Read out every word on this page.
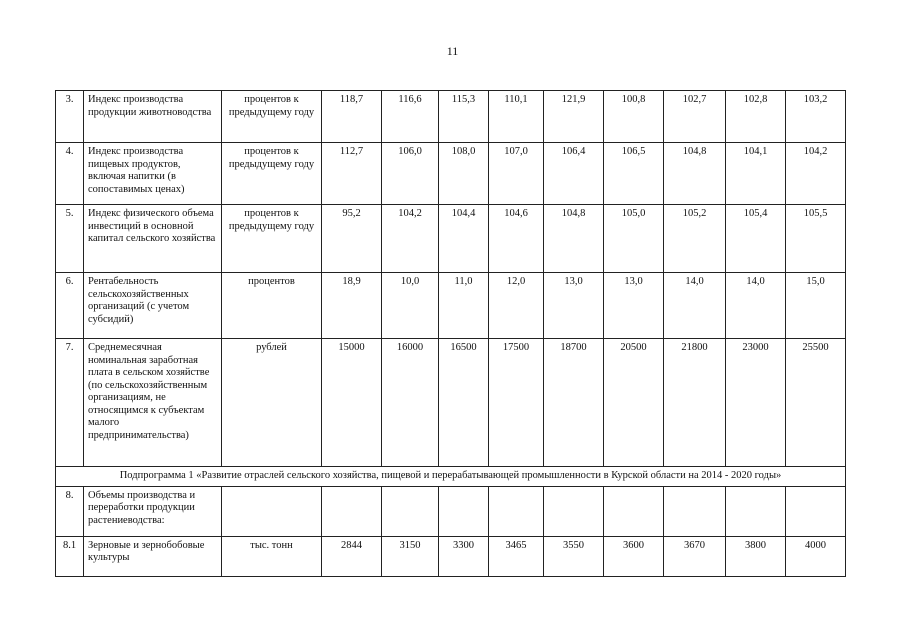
11
3.	Индекс производства продукции животноводства	процентов к предыдущему году	118,7	116,6	115,3	110,1	121,9	100,8	102,7	102,8	103,2
4.	Индекс производства пищевых продуктов, включая напитки (в сопоставимых ценах)	процентов к предыдущему году	112,7	106,0	108,0	107,0	106,4	106,5	104,8	104,1	104,2
5.	Индекс физического объема инвестиций в основной капитал сельского хозяйства	процентов к предыдущему году	95,2	104,2	104,4	104,6	104,8	105,0	105,2	105,4	105,5
6.	Рентабельность сельскохозяйственных организаций (с учетом субсидий)	процентов	18,9	10,0	11,0	12,0	13,0	13,0	14,0	14,0	15,0
7.	Среднемесячная номинальная заработная плата в сельском хозяйстве (по сельскохозяйственным организациям, не относящимся к субъектам малого предпринимательства)	рублей	15000	16000	16500	17500	18700	20500	21800	23000	25500
Подпрограмма 1 «Развитие отраслей сельского хозяйства, пищевой и перерабатывающей промышленности в Курской области на 2014 - 2020 годы»											
8.	Объемы производства и переработки продукции растениеводства:										
8.1	Зерновые и зернобобовые культуры	тыс. тонн	2844	3150	3300	3465	3550	3600	3670	3800	4000
